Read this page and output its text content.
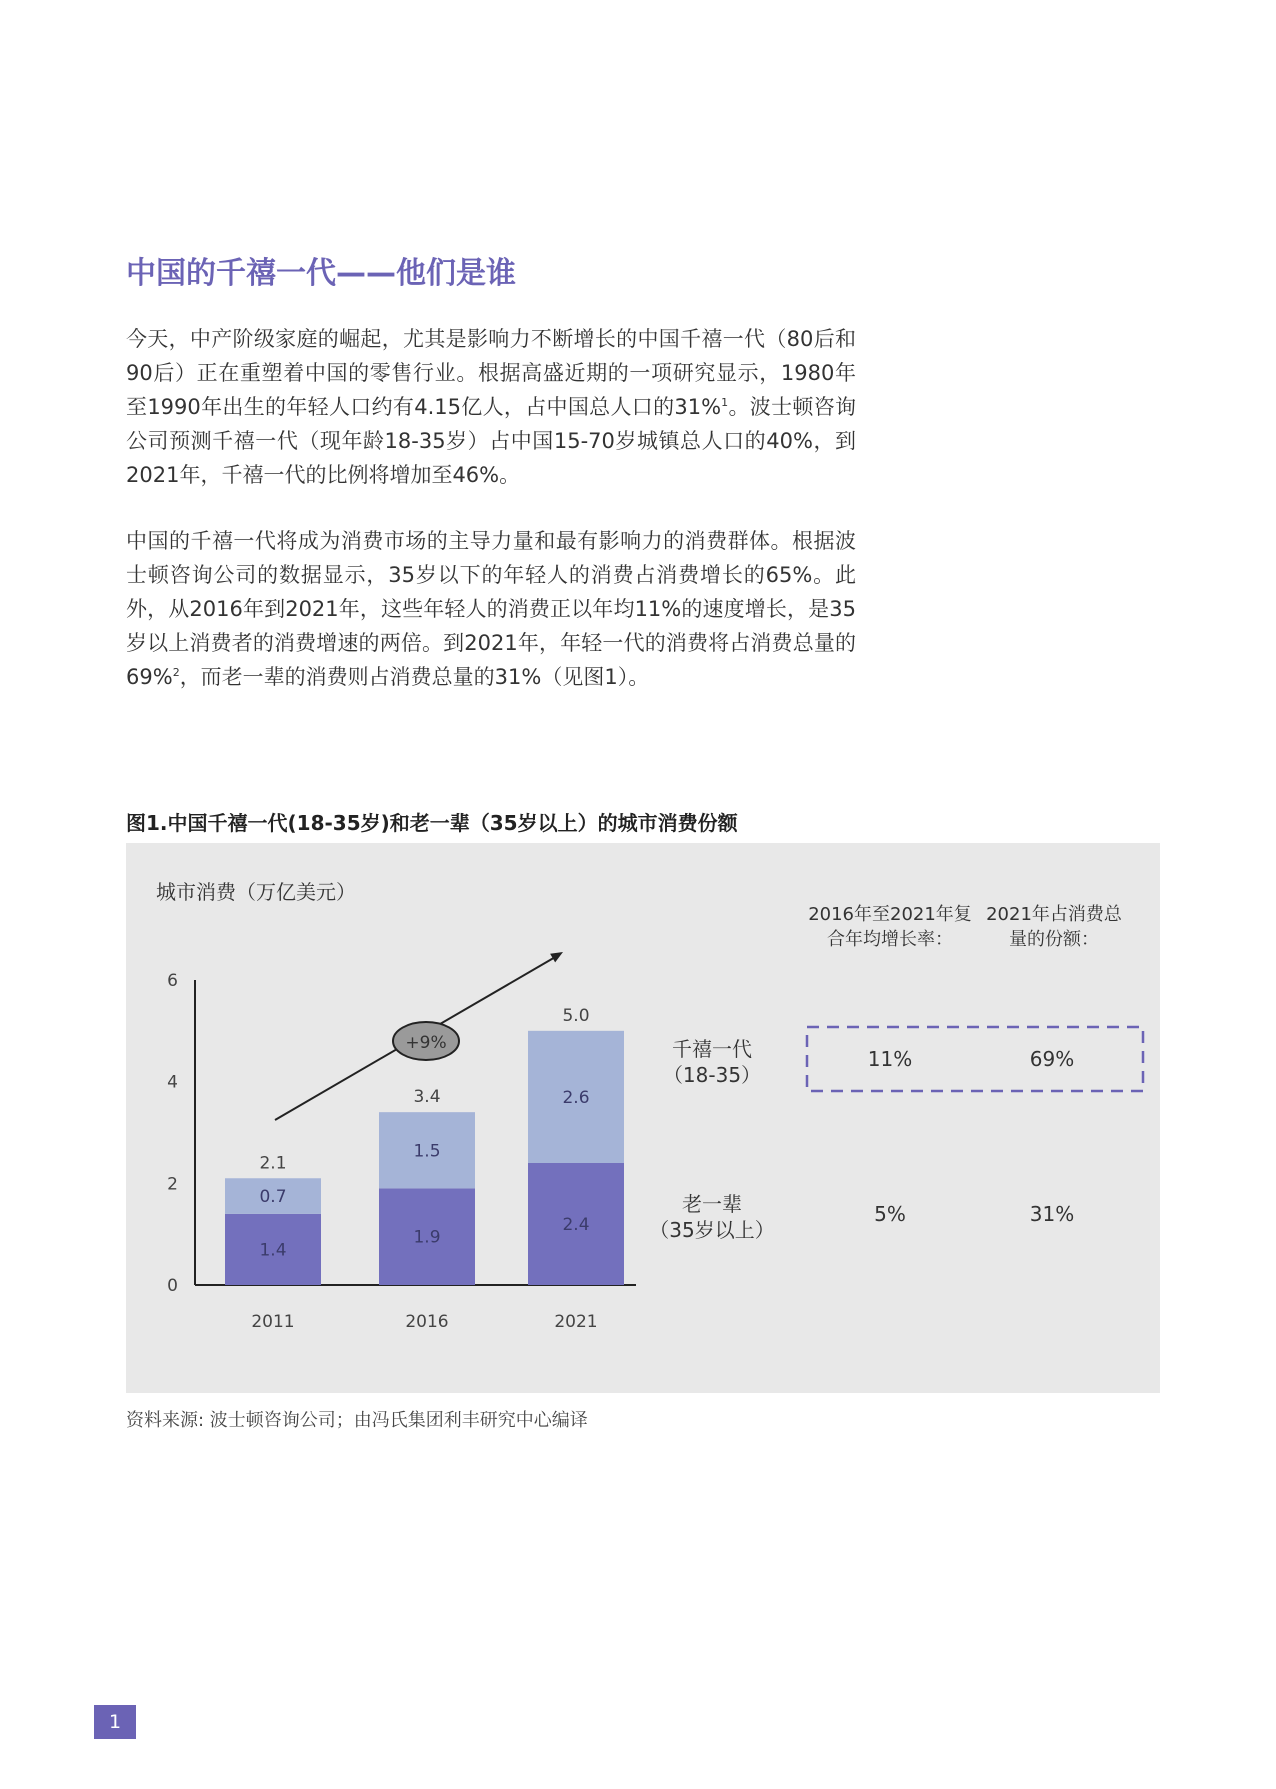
中国的千禧一代——他们是谁

今天，中产阶级家庭的崛起，尤其是影响力不断增长的中国千禧一代（80后和90后）正在重塑着中国的零售行业。根据高盛近期的一项研究显示，1980年至1990年出生的年轻人口约有4.15亿人，占中国总人口的31%$^1$。波士顿咨询公司预测千禧一代（现年龄18-35岁）占中国15-70岁城镇总人口的40%，到2021年，千禧一代的比例将增加至46%。

中国的千禧一代将成为消费市场的主导力量和最有影响力的消费群体。根据波士顿咨询公司的数据显示，35岁以下的年轻人的消费占消费增长的65%。此外，从2016年到2021年，这些年轻人的消费正以年均11%的速度增长，是35岁以上消费者的消费增速的两倍。到2021年，年轻一代的消费将占消费总量的69%$^2$，而老一辈的消费则占消费总量的31%（见图1）。

图1.中国千禧一代(18-35岁)和老一辈（35岁以上）的城市消费份额
城市消费（万亿美元）
0
2
4
6
1.4
0.7
2.1
2011
1.9
1.5
3.4
2016
2.4
2.6
5.0
2021
+9%
2016年至2021年复
合年均增长率：
2021年占消费总
量的份额：
千禧一代
（18-35）
11%	69%
老一辈
（35岁以上）
5%	31%

资料来源: 波士顿咨询公司；由冯氏集团利丰研究中心编译

1
